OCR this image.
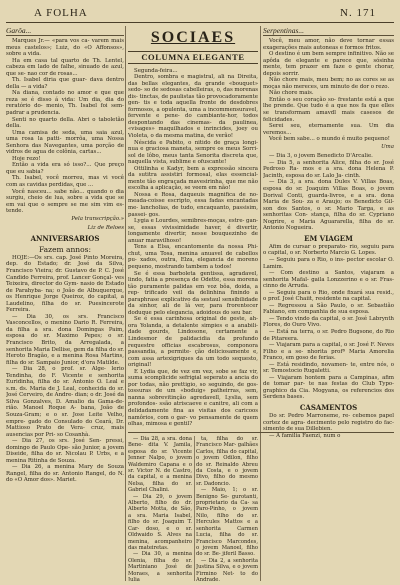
A FOLHA	N. 171
Garôa...

Marques Jr.— «para vos ca- varem mais meus castelos»; Luiz, do «O Affonsos», sobre a vida.

Ha em casa tal quarto de Th. Lentel, cabeza em lado de falhe, sinuado de azul, que se- nao cor de rosas...

Th. Isabel diria que guar- dava dentro della — a vida?

Na diana, contado no amor e que que reza se é disso á vida: Um dia, dia do reratório do- menio, Th. Isabel foi sem- padrar a prudencia.

Senti no quarto della. Abri o taboletão della.

Uma camisa de seda, uma saia azul, uma rosa la patti- morrôa, uma Nossa Senhora das Navegantes, uma porção de vidros de agua de colônia, cartas...

Hoje rezo!

Então a vida era só isso?... Que preço que eu sabia?

Th. Isabel, você morreu, mas vi você com as cavidas perdidas, que ...

Você nasceu... sabe não... quando o dia surgiu, cheio de lua, sobre a vida que se em vai que o sempre se me sim vim es- tende.

Pela transcripção.»
Liz de Reloes
ANNIVERSARIOS
Fazem annos:

HOJE:—Os srs. cap. José Pinto Moreira, dep. do Estado; dr. José da Silva, Francisco Vieira; dr. Gustavo de P. C. José Candido Ferreira, prof. Lancer Gonçal- ves Teixeira, director do Gym- nasio de Estado de Parahyba- na; o João de Albuquerque, os Henrique Jorge Queiroz, do capital, a Laudelino, filha do sr. Puesincerote Ferreira.

— Dia 30, os srs. Francisco Vasconcellos, o menino Dario R. Ferreira, da filha a sra. dona Domingas Paim, esposa do sr. Maximo Pepes; o sr. Francisco Brito, da Arregalada, a senhorita Maria Dellise, gem da filha do sr. Heroto Bragão, e a menina Rosa Martins, filha do sr. Sampaio Junior, d'ora Matilde.

— Dia 28, o prof. sr. Alge- lerio Tendinha, do F. Vicente e senhorita Euridinha, filha do sr. Antonio O. Leal e s.m. ds. Maria de J. Leal, conhecida do sr. José Cerveiro, de Andre- dian; o dr. José da Silva Gonzalves, D. Amalio da Gama-de- rião. Manoel Roque A- bana, João de Souza-Gram; e o sr. Jose Leite Velho, empre- gado do Consulado do Ceará, Dr. Mattioso Prato de Vera- cruz, mais ausencias por Pri- so Cosanhà.

— Dia 27, os srs. José Sen- pressi, domingo de Paulo Ope- são Junior, a jovem Diseide, filha do sr. Nicolau P. Urbs, e a menina Ritinha de Souza.

— Dia 26, a menina Mary de Souza Rangel, filha do sr. Antonio Rangel, do N. do «O Amor dos». Mariet.

SOCIAES
COLUMNA ELEGANTE

Segunda-feira...

Dentro, sombra e magistral, ali na Direita, das bellas elegantes, da grande «bouquet» sedo- so de sedosas cabelleiras, o, das morenas dis- tinctas, de paulistas tão provocadoramente gen- tis e toda aquella fronte de desdobres formosos, a opulenta, uma a incommensuravel, fervente e pene- do cambiante-hor, todos despontando das cinemas- da paulinea, «visages» maquilhados e inrincides, joey ou Violeta, o da mesma matina, de verão!

Néscida e Pabito, o nitido de graça longi- nua e graciosa maneta, sempre os meus Sorri- sol de lôbo, meus tanta Senorita discreta que, naquella vista, sublime e ofuscante!

Ottilinha e Kadyr, bem a expressão sincera da sutitra assistiri formosal, elas essencial- mente tão engraçada mavesirinha, que me não escolha a aplicação, se veem em não!

Nossa e Rosa, daqueuis magnifica de no- meada-coisse escripto, essa fadas encantadas me- lancholias, de tudo, encaquanto, passisim, passei- gos.

Lygia e Lourdes, semibres-moças, estre- gan-se, essas vivissimidade haver, é divertir, longamente divertir, nesse bouquezinho de anuar maravilhoso!

Tens a Elsa, encantomente da nossa Phi- chut, uma Tosa, menina anuavel de cabellos pu- xados, outra, Elza, elegancia de moreno pequeno, mostrando tambem a todos!

Se é essa barboleta gentissa, agradavel, lindo, fatia a presença de Odette, essa morena tão puramente palidas em voz bôa, doida, a rep- trificado veil da delinhina finindo a paraphrase explicativo da sestaul sensibilidade da sinhor, ali de lá ver, para frorentecer doduque pelo elegancia, adoidous do seu bar.

Se é essa carinhosa original de geste, ah- ora Yolanda, a detalente simpies e a anabili- dade gourds, Lindosone, certamente a Lindesmor de palidacidia da profundo requestre officias escabrosus, componora passandia, a permite- ção deliciosamente e, com assa artexigriques da um todo sequesto, original!

E Lydia que, de vez em vez, sobe se faz vir, suma scomplicide sefrigial seperato a ancia do por todas, não prettigio, so seguindo, de gos- tossuras de um «boduig» patheirras, sem, nanna sobrevitinção agredavell, Lyslia, sem profondos- ssão atriscaeve e canitre, ali com a delidadamente fina as visitas dos caricoos namôrios, com o gar- vo pensamente de quem olhas, mimosa e gentil?

Serpentinas...

Você, meu amor, não deve tornar essas exagerações mais autoneas e formos fritos.

O destino é um bem sempre infinitivo. Não se apôda de elegante e parece que, sósinha mente, tem prazer em faze o gente chorar, depois sorrir.

Não chore mais, meu bem; no as cores se as moças não mereces, um minuto de dor o rezo.

Não chore mais.

Então o seu coração so- frestante está a que lhe prende. Que tudo é a que nos fa que elles se transformam amavdl mais casesos de felicidades.

Serei seu, eternamente sua. Um dia veremos...

Você bem sabe... o mundo é muito pequeno!

Uma

— Dia 3, o jovem Benedicto D'Arcalie.

— Dia 5, a senhorita Alice, filha do sr. José Pedroso Ra- mos e a sra. dona Helena P. Jacinth, esposa do sr. Lalo Ja- cinth.

— Dia 3, a sra. dona Dules V. Villas Boas, esposa do sr. Joaquim Villas Boas, o jovem Dorival Conti, guarda-livros, e a sra. dona Maria de Sou- za e Araujo; os Benedicto Gil- son dos Santos, o sr. Mario Targa, e as senhoritas Con- stança, filha do sr. Cypriano Nogrire, e Maria Aguararella, filha do sr. Antonio Nogueira.

EM VIAGEM

Afim de cursar o preparato- rio, seguiu para o capital, o sr. Norberto Marcio G. Lopes.

— Seguiu para o Rio, o ins- pector escolar O. Lamim.

— Com destino a Santos, viajaram a senhorita Mafal- gaila Lonzzerino e o sr. Fras- cinno de Arruda.

— Seguiu para o Rio, onde fixará sua resid., o prof. José Chaiit, residente na capital.

— Regressou a São Paulo, o sr. Sebastião Fabiano, em companhia de sua esposa.

— Tendo vindo da capital, o sr. José Labrynth Flores, do Ouro Vivo.

— Está na terra, o sr. Pedro Bugsone, do Rio de Pitareera.

— Viajaram para a capital, o sr. José F. Neves Filho e a se- nhorita profª Maria Amorelia Franco, em goso de ferias.

— Está residindo, novamen- te, entre nós, o sr. Temostocio Rugaletti.

— Viajaram hontem para a Campinas, afim de tomar par- te nas festas do Club Typo- graphico da Cia. Mogyana, os referencios dos Serdens bases.

CASAMENTOS

Do sr. Pedro Marroneme, re- cebemos papel cortez de agra- decimento pelo registro do fac- simento de sua Dillebien.

— A familia Faenzi, num o

— Dia 28, a sra. dona Bene- dita V. Jamila, esposa do sr. Vicente Jenner Nalpo, o jovem Waldemiro Capana e o sr. Victor N. de Castro, da capital, e a menina Nelsa, filha do sr. Gabriel Chalini.

— Dia 29, o jovem Alberto, filho do dr. Alberto Motta, de São, a sra. Maria Isabel, filho do sr. Joaquim T. Car- doso, e o sr. Oldwaido S. Alves na menina, acompanheiro das mateiretas.

— Dia 30, a menina Olenia, filha do sr. Martiniano José de Moraes, a senhorita Julia

ta, filha do sr. Francisco Mar- galhães Carlos, filha do capital, o jovem Odilon, filho do sr. Reinaldo Abreu da Costa, e o jovem Divo, filho do mesmo sr. Dadoncio.

— Maio, 1; o sr. Benigno Se- gurotanti, proprietario da Ca- sa Paro-Pinho, o jovem Nilo, filho do sr. Hercules Mattos e a senhorita Carmen Lucia, filha do sr. Francisco Marcondes, o jovem Manoel, filho do sr. Be- jiferil Basso.

— Dia 2, a senhorita Justina Silva, e o jovem Firmino Net- to do Andrade.
